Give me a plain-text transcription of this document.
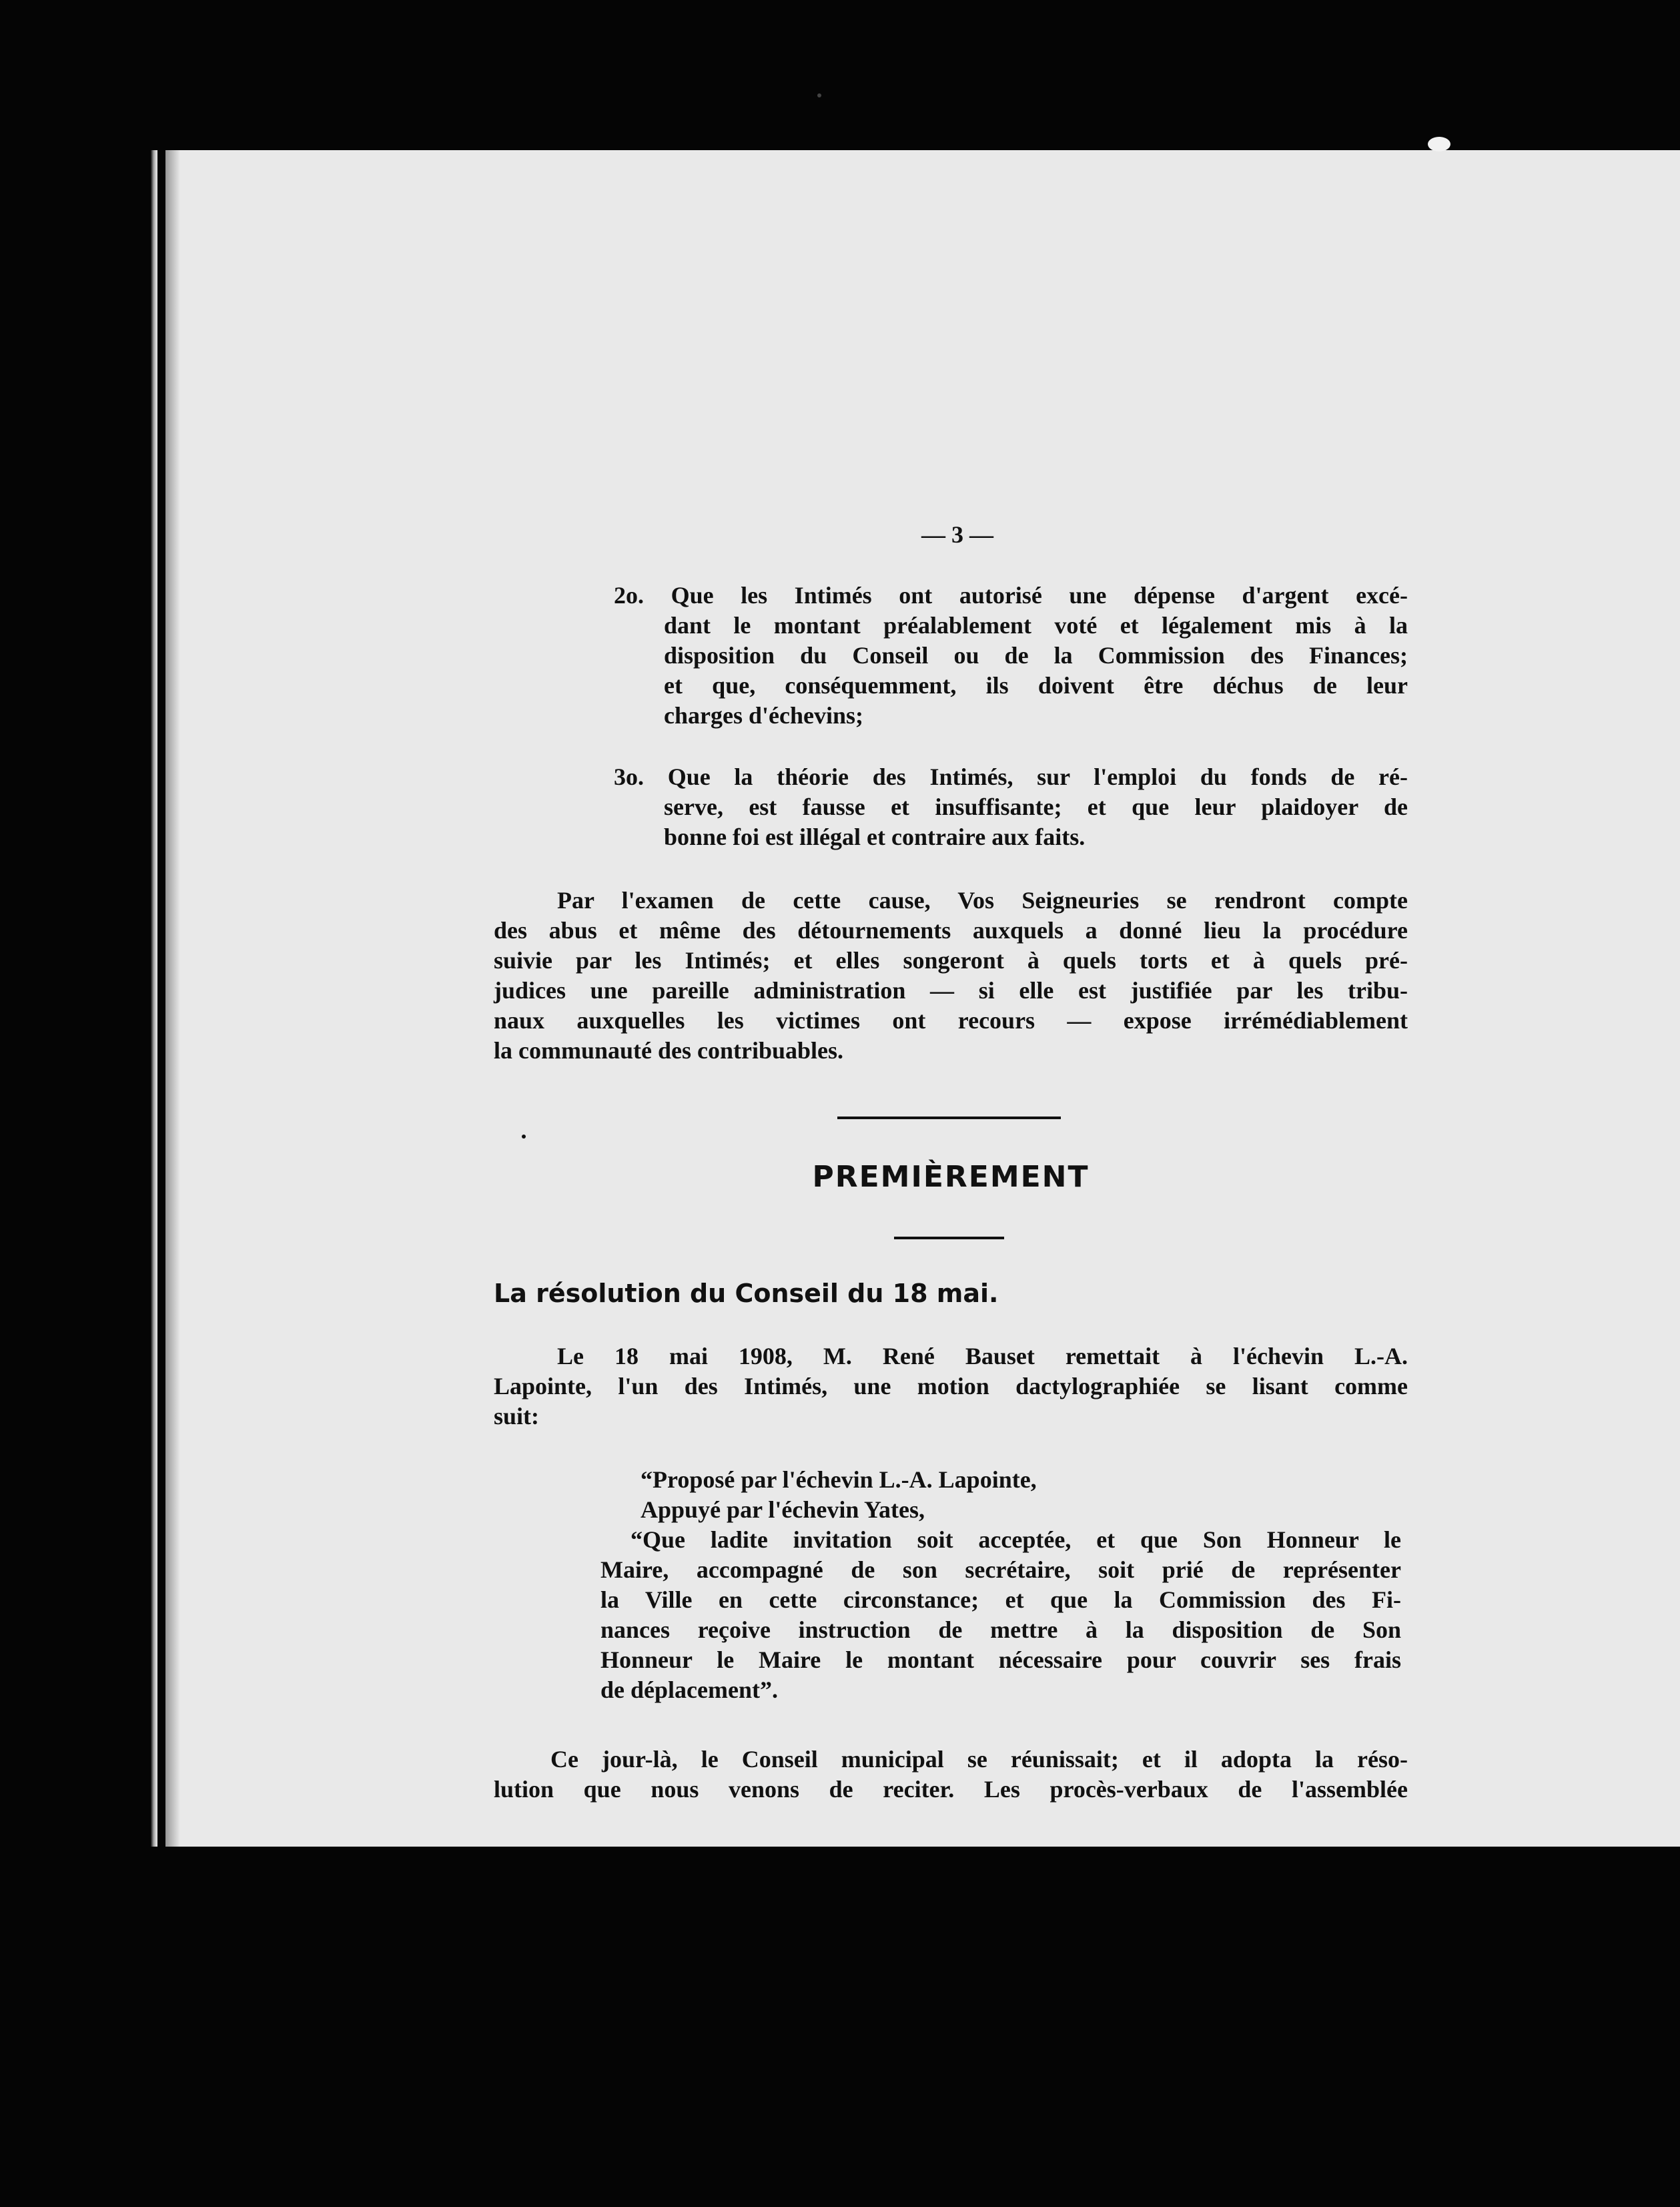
— 3 —
2o. Que les Intimés ont autorisé une dépense d'argent excé-
dant le montant préalablement voté et légalement mis à la
disposition du Conseil ou de la Commission des Finances;
et que, conséquemment, ils doivent être déchus de leur
charges d'échevins;
3o. Que la théorie des Intimés, sur l'emploi du fonds de ré-
serve, est fausse et insuffisante; et que leur plaidoyer de
bonne foi est illégal et contraire aux faits.
Par l'examen de cette cause, Vos Seigneuries se rendront compte
des abus et même des détournements auxquels a donné lieu la procédure
suivie par les Intimés; et elles songeront à quels torts et à quels pré-
judices une pareille administration — si elle est justifiée par les tribu-
naux auxquelles les victimes ont recours — expose irrémédiablement
la communauté des contribuables.
PREMIÈREMENT
La résolution du Conseil du 18 mai.
Le 18 mai 1908, M. René Bauset remettait à l'échevin L.-A.
Lapointe, l'un des Intimés, une motion dactylographiée se lisant comme
suit:
“Proposé par l'échevin L.-A. Lapointe,
Appuyé par l'échevin Yates,
“Que ladite invitation soit acceptée, et que Son Honneur le
Maire, accompagné de son secrétaire, soit prié de représenter
la Ville en cette circonstance; et que la Commission des Fi-
nances reçoive instruction de mettre à la disposition de Son
Honneur le Maire le montant nécessaire pour couvrir ses frais
de déplacement”.
Ce jour-là, le Conseil municipal se réunissait; et il adopta la réso-
lution que nous venons de reciter. Les procès-verbaux de l'assemblée
